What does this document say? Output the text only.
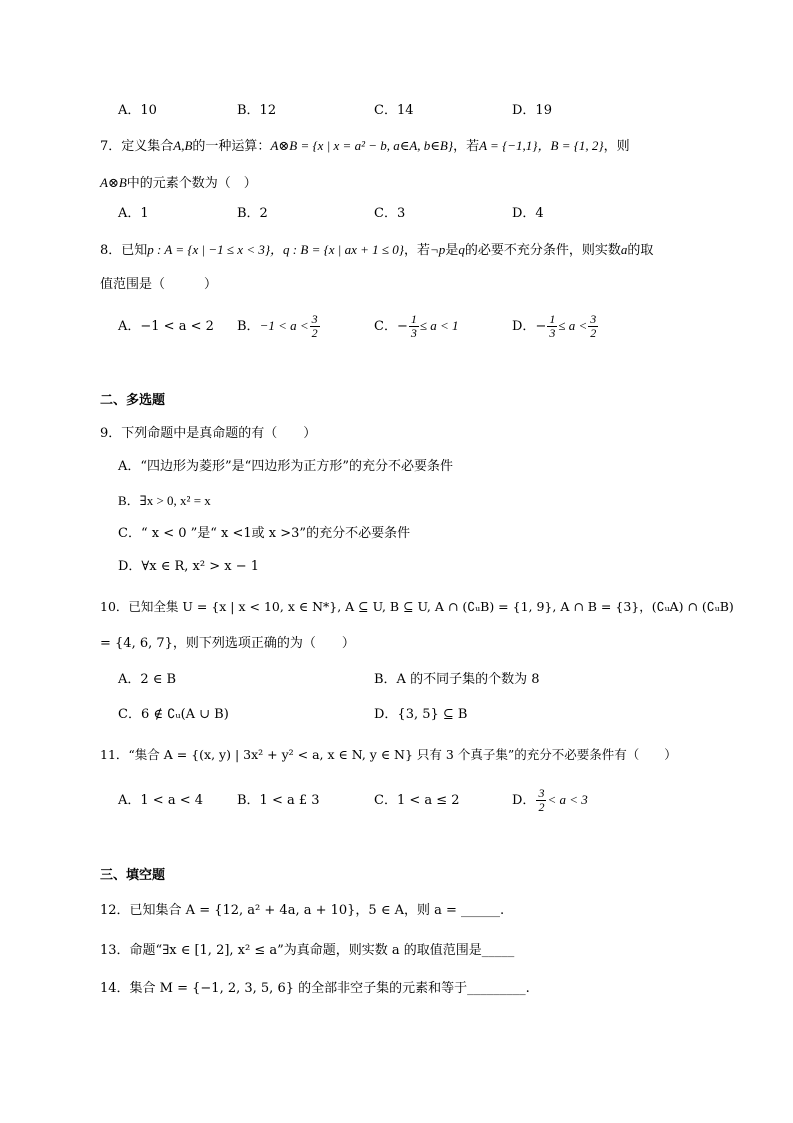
A．10	B．12	C．14	D．19
7．定义集合A,B的一种运算：A⊗B = {x | x = a² − b, a∈A, b∈B}，若A = {−1,1}，B = {1, 2}，则
A⊗B中的元素个数为（　）
A．1	B．2	C．3	D．4
8．已知p : A = {x | −1 ≤ x < 3}，q : B = {x | ax + 1 ≤ 0}，若¬p是q的必要不充分条件，则实数a的取
值范围是（　　　）
A．−1 < a < 2 B．$-1 < a < \frac{3}{2}$	C．− $\frac{1}{3} \le a < 1$	D．− $\frac{1}{3} \le a < \frac{3}{2}$
二、多选题
9．下列命题中是真命题的有（　　）
A．“四边形为菱形”是“四边形为正方形”的充分不必要条件
B．∃x > 0, x² = x
C．“ x < 0 ”是“ x <1或 x >3”的充分不必要条件
D．∀x ∈ R, x² > x − 1
10．已知全集 U = {x | x < 10, x ∈ N*}, A ⊆ U, B ⊆ U, A ∩ (∁ᵤB) = {1, 9}, A ∩ B = {3}，(∁ᵤA) ∩ (∁ᵤB)
= {4, 6, 7}，则下列选项正确的为（　　）
A．2 ∈ B	B．A 的不同子集的个数为 8
C．6 ∉ ∁ᵤ(A ∪ B)	D．{3, 5} ⊆ B
11．“集合 A = {(x, y) | 3x² + y² < a, x ∈ N, y ∈ N} 只有 3 个真子集”的充分不必要条件有（　　）
A．1 < a < 4	B．1 < a £ 3	C．1 < a ≤ 2	D． $\frac{3}{2} < a < 3$
三、填空题
12．已知集合 A = {12, a² + 4a, a + 10}，5 ∈ A，则 a = ______.
13．命题“∃x ∈ [1, 2], x² ≤ a”为真命题，则实数 a 的取值范围是_____
14．集合 M = {−1, 2, 3, 5, 6} 的全部非空子集的元素和等于_________.
